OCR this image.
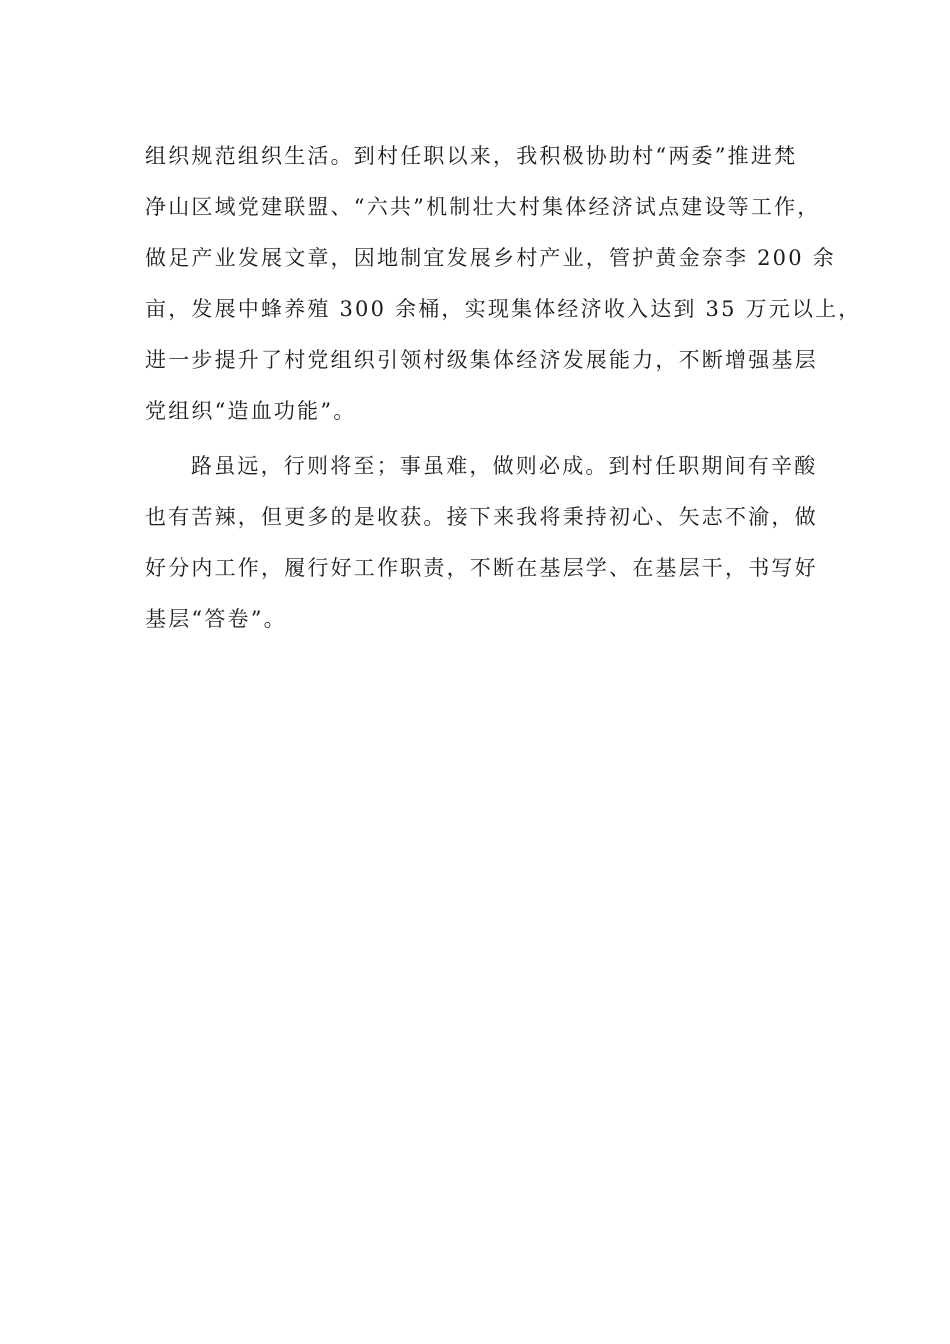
组织规范组织生活。到村任职以来，我积极协助村“两委”推进梵
净山区域党建联盟、“六共”机制壮大村集体经济试点建设等工作，
做足产业发展文章，因地制宜发展乡村产业，管护黄金奈李 200 余
亩，发展中蜂养殖 300 余桶，实现集体经济收入达到 35 万元以上，
进一步提升了村党组织引领村级集体经济发展能力，不断增强基层
党组织“造血功能”。
路虽远，行则将至；事虽难，做则必成。到村任职期间有辛酸
也有苦辣，但更多的是收获。接下来我将秉持初心、矢志不渝，做
好分内工作，履行好工作职责，不断在基层学、在基层干，书写好
基层“答卷”。
